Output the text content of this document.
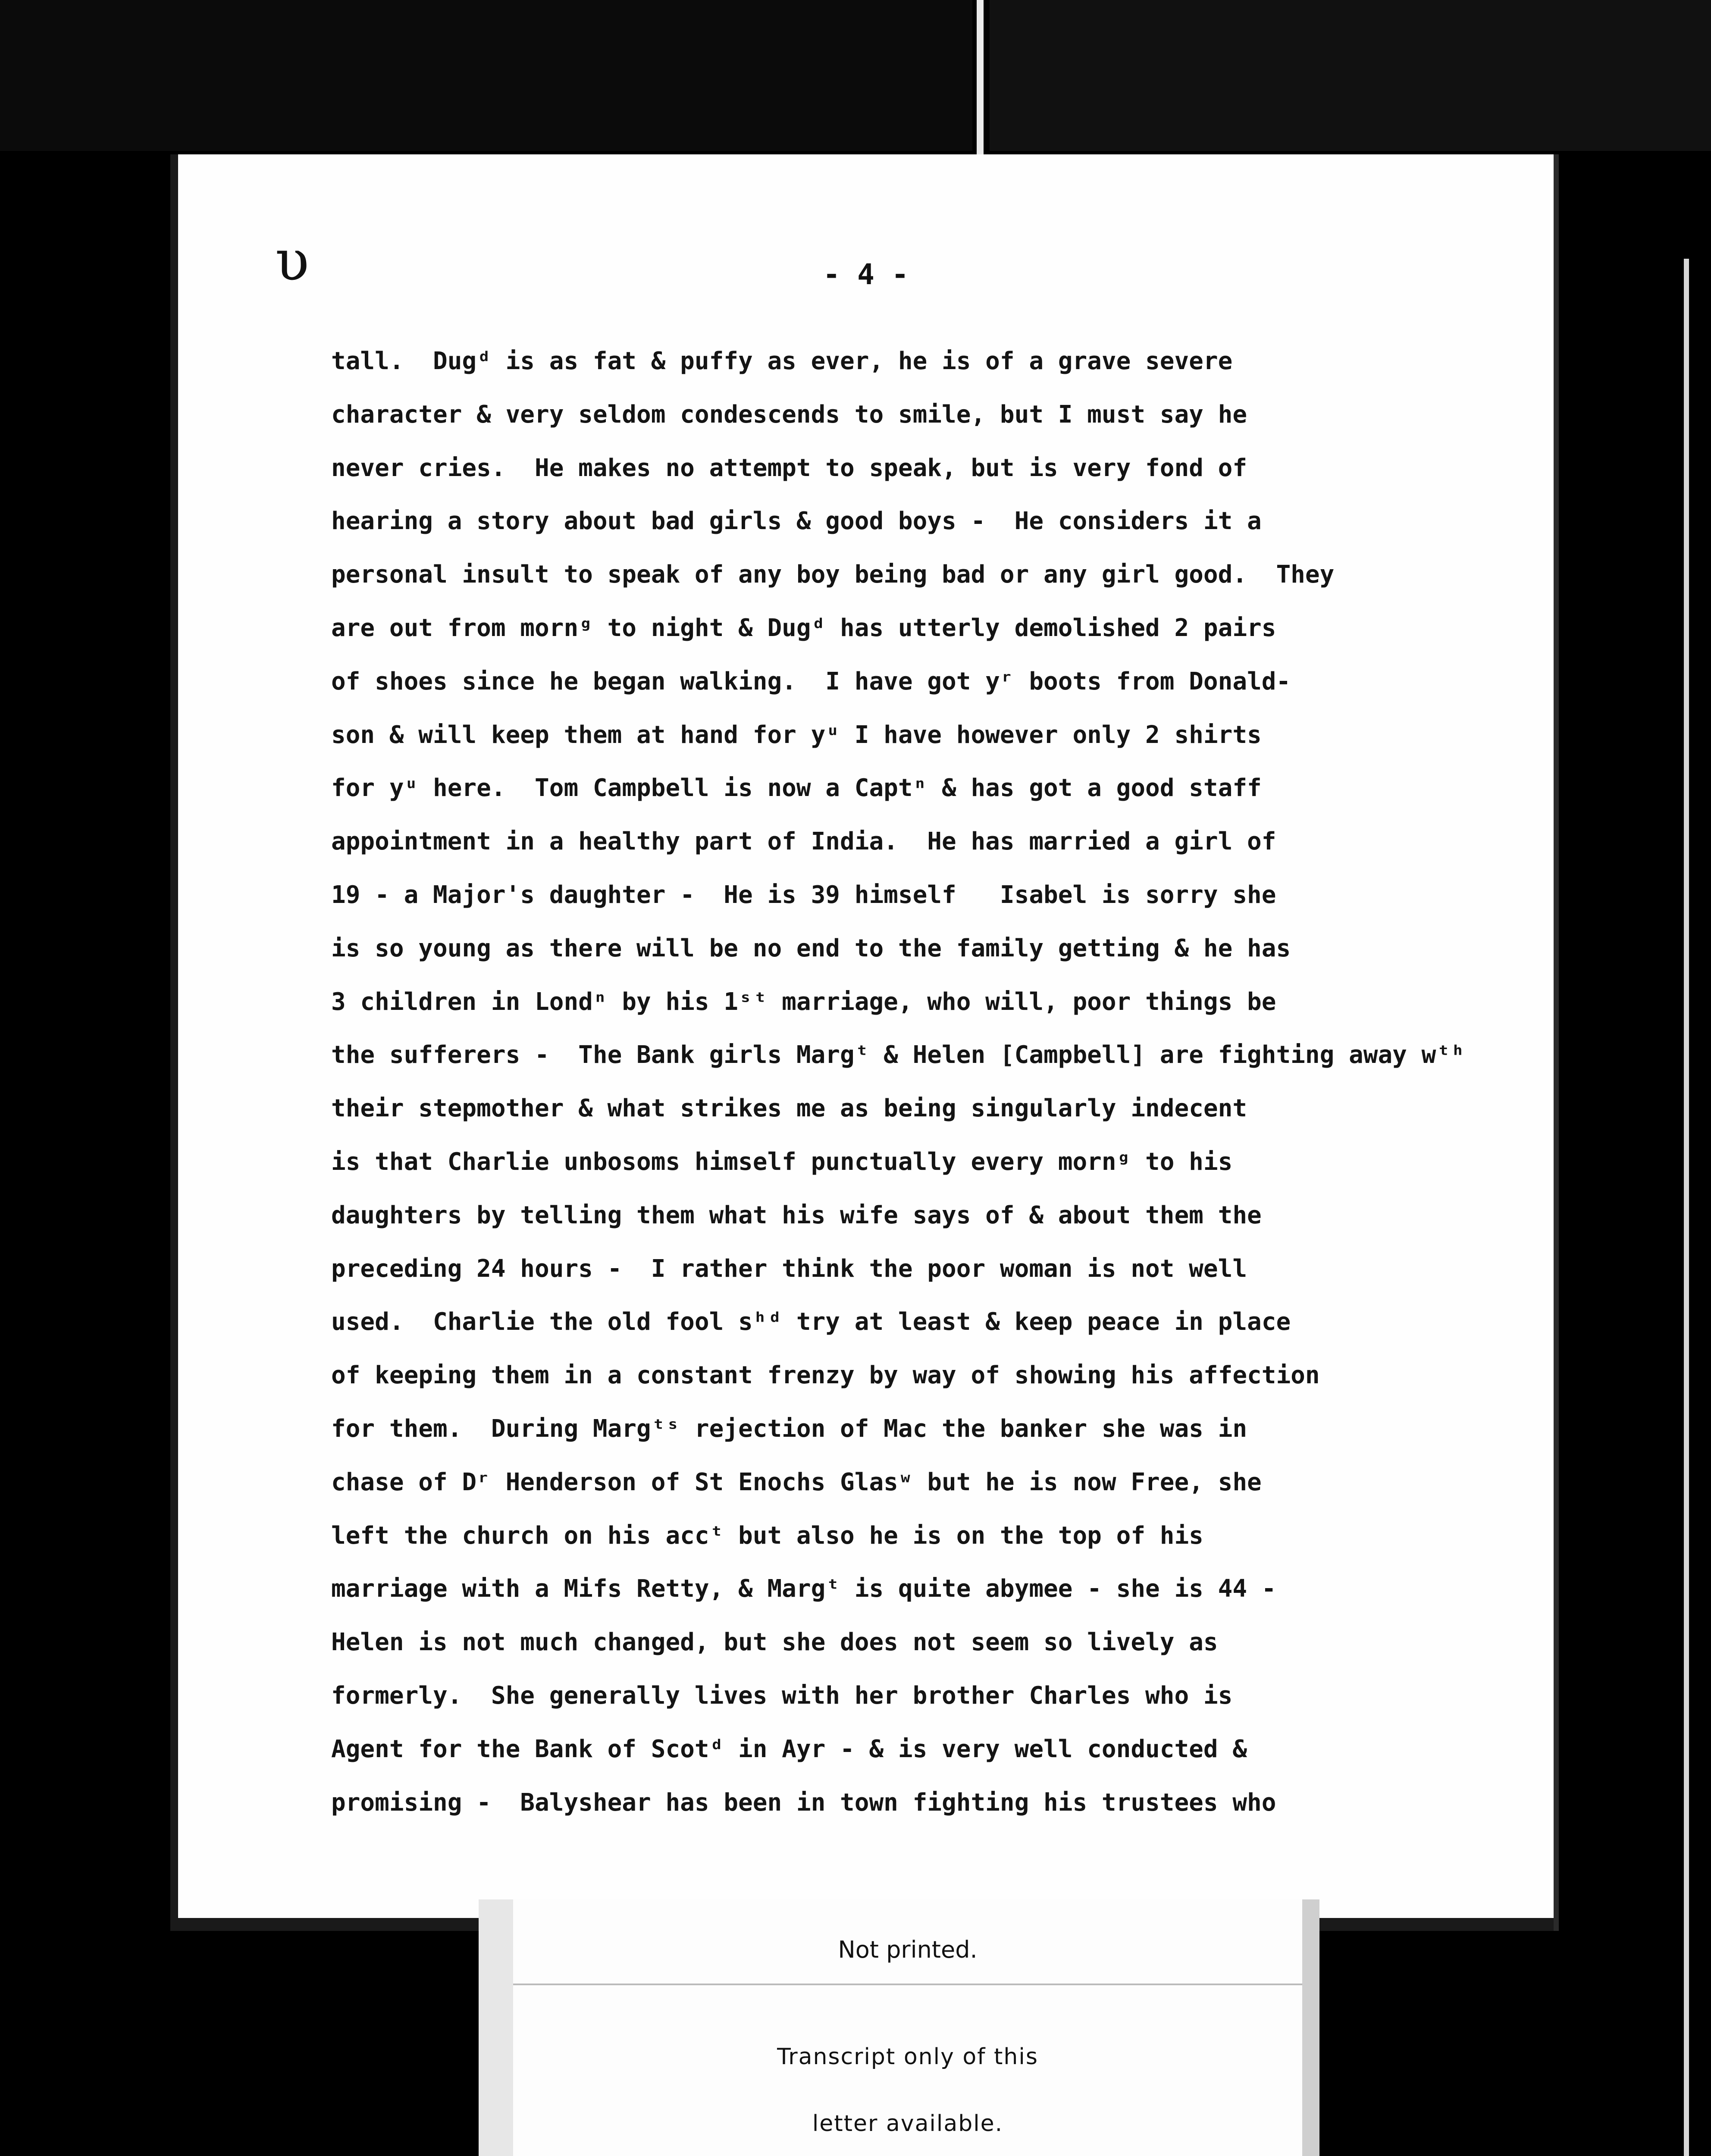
υ	- 4 -
tall.  Dugᵈ is as fat & puffy as ever, he is of a grave severe
character & very seldom condescends to smile, but I must say he
never cries.  He makes no attempt to speak, but is very fond of
hearing a story about bad girls & good boys -  He considers it a
personal insult to speak of any boy being bad or any girl good.  They
are out from mornᵍ to night & Dugᵈ has utterly demolished 2 pairs
of shoes since he began walking.  I have got yʳ boots from Donald-
son & will keep them at hand for yᵘ I have however only 2 shirts
for yᵘ here.  Tom Campbell is now a Captⁿ & has got a good staff
appointment in a healthy part of India.  He has married a girl of
19 - a Major's daughter -  He is 39 himself   Isabel is sorry she
is so young as there will be no end to the family getting & he has
3 children in Londⁿ by his 1ˢᵗ marriage, who will, poor things be
the sufferers -  The Bank girls Margᵗ & Helen [Campbell] are fighting away wᵗʰ
their stepmother & what strikes me as being singularly indecent
is that Charlie unbosoms himself punctually every mornᵍ to his
daughters by telling them what his wife says of & about them the
preceding 24 hours -  I rather think the poor woman is not well
used.  Charlie the old fool sʰᵈ try at least & keep peace in place
of keeping them in a constant frenzy by way of showing his affection
for them.  During Margᵗˢ rejection of Mac the banker she was in
chase of Dʳ Henderson of St Enochs Glasʷ but he is now Free, she
left the church on his accᵗ but also he is on the top of his
marriage with a Mifs Retty, & Margᵗ is quite abymee - she is 44 -
Helen is not much changed, but she does not seem so lively as
formerly.  She generally lives with her brother Charles who is
Agent for the Bank of Scotᵈ in Ayr - & is very well conducted &
promising -  Balyshear has been in town fighting his trustees who
Not printed.
Transcript only of this
letter available.
